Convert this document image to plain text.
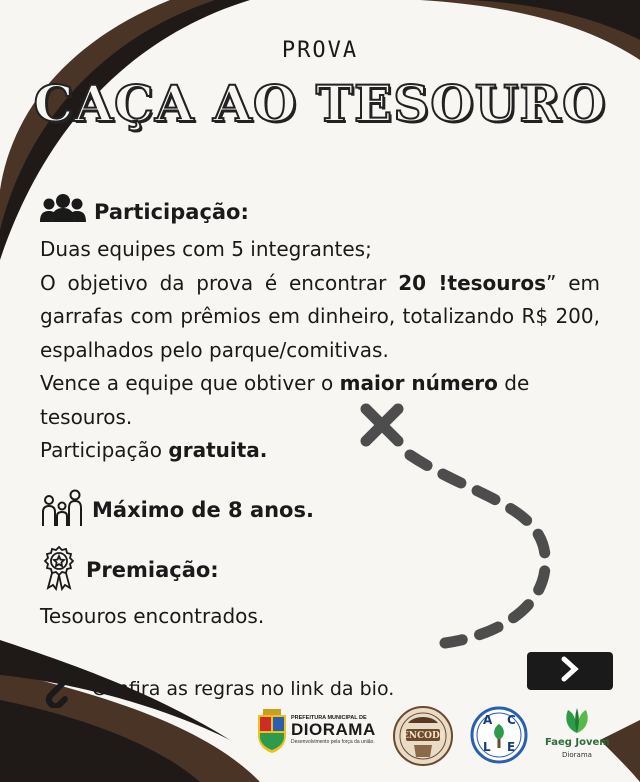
PROVA
CAÇA AO TESOURO
Participação:

Duas equipes com 5 integrantes;

O objetivo da prova é encontrar 20 !tesouros” em garrafas com prêmios em dinheiro, totalizando R$ 200, espalhados pelo parque/comitivas.

Vence a equipe que obtiver o maior número de tesouros.

Participação gratuita.

Máximo de 8 anos.
Premiação:

Tesouros encontrados.

Confira as regras no link da bio.
PREFEITURA MUNICIPAL DE
DIORAMA
Desenvolvimento pela força da união.
ENCODI
A C
L E	Faeg Jovem
Diorama
